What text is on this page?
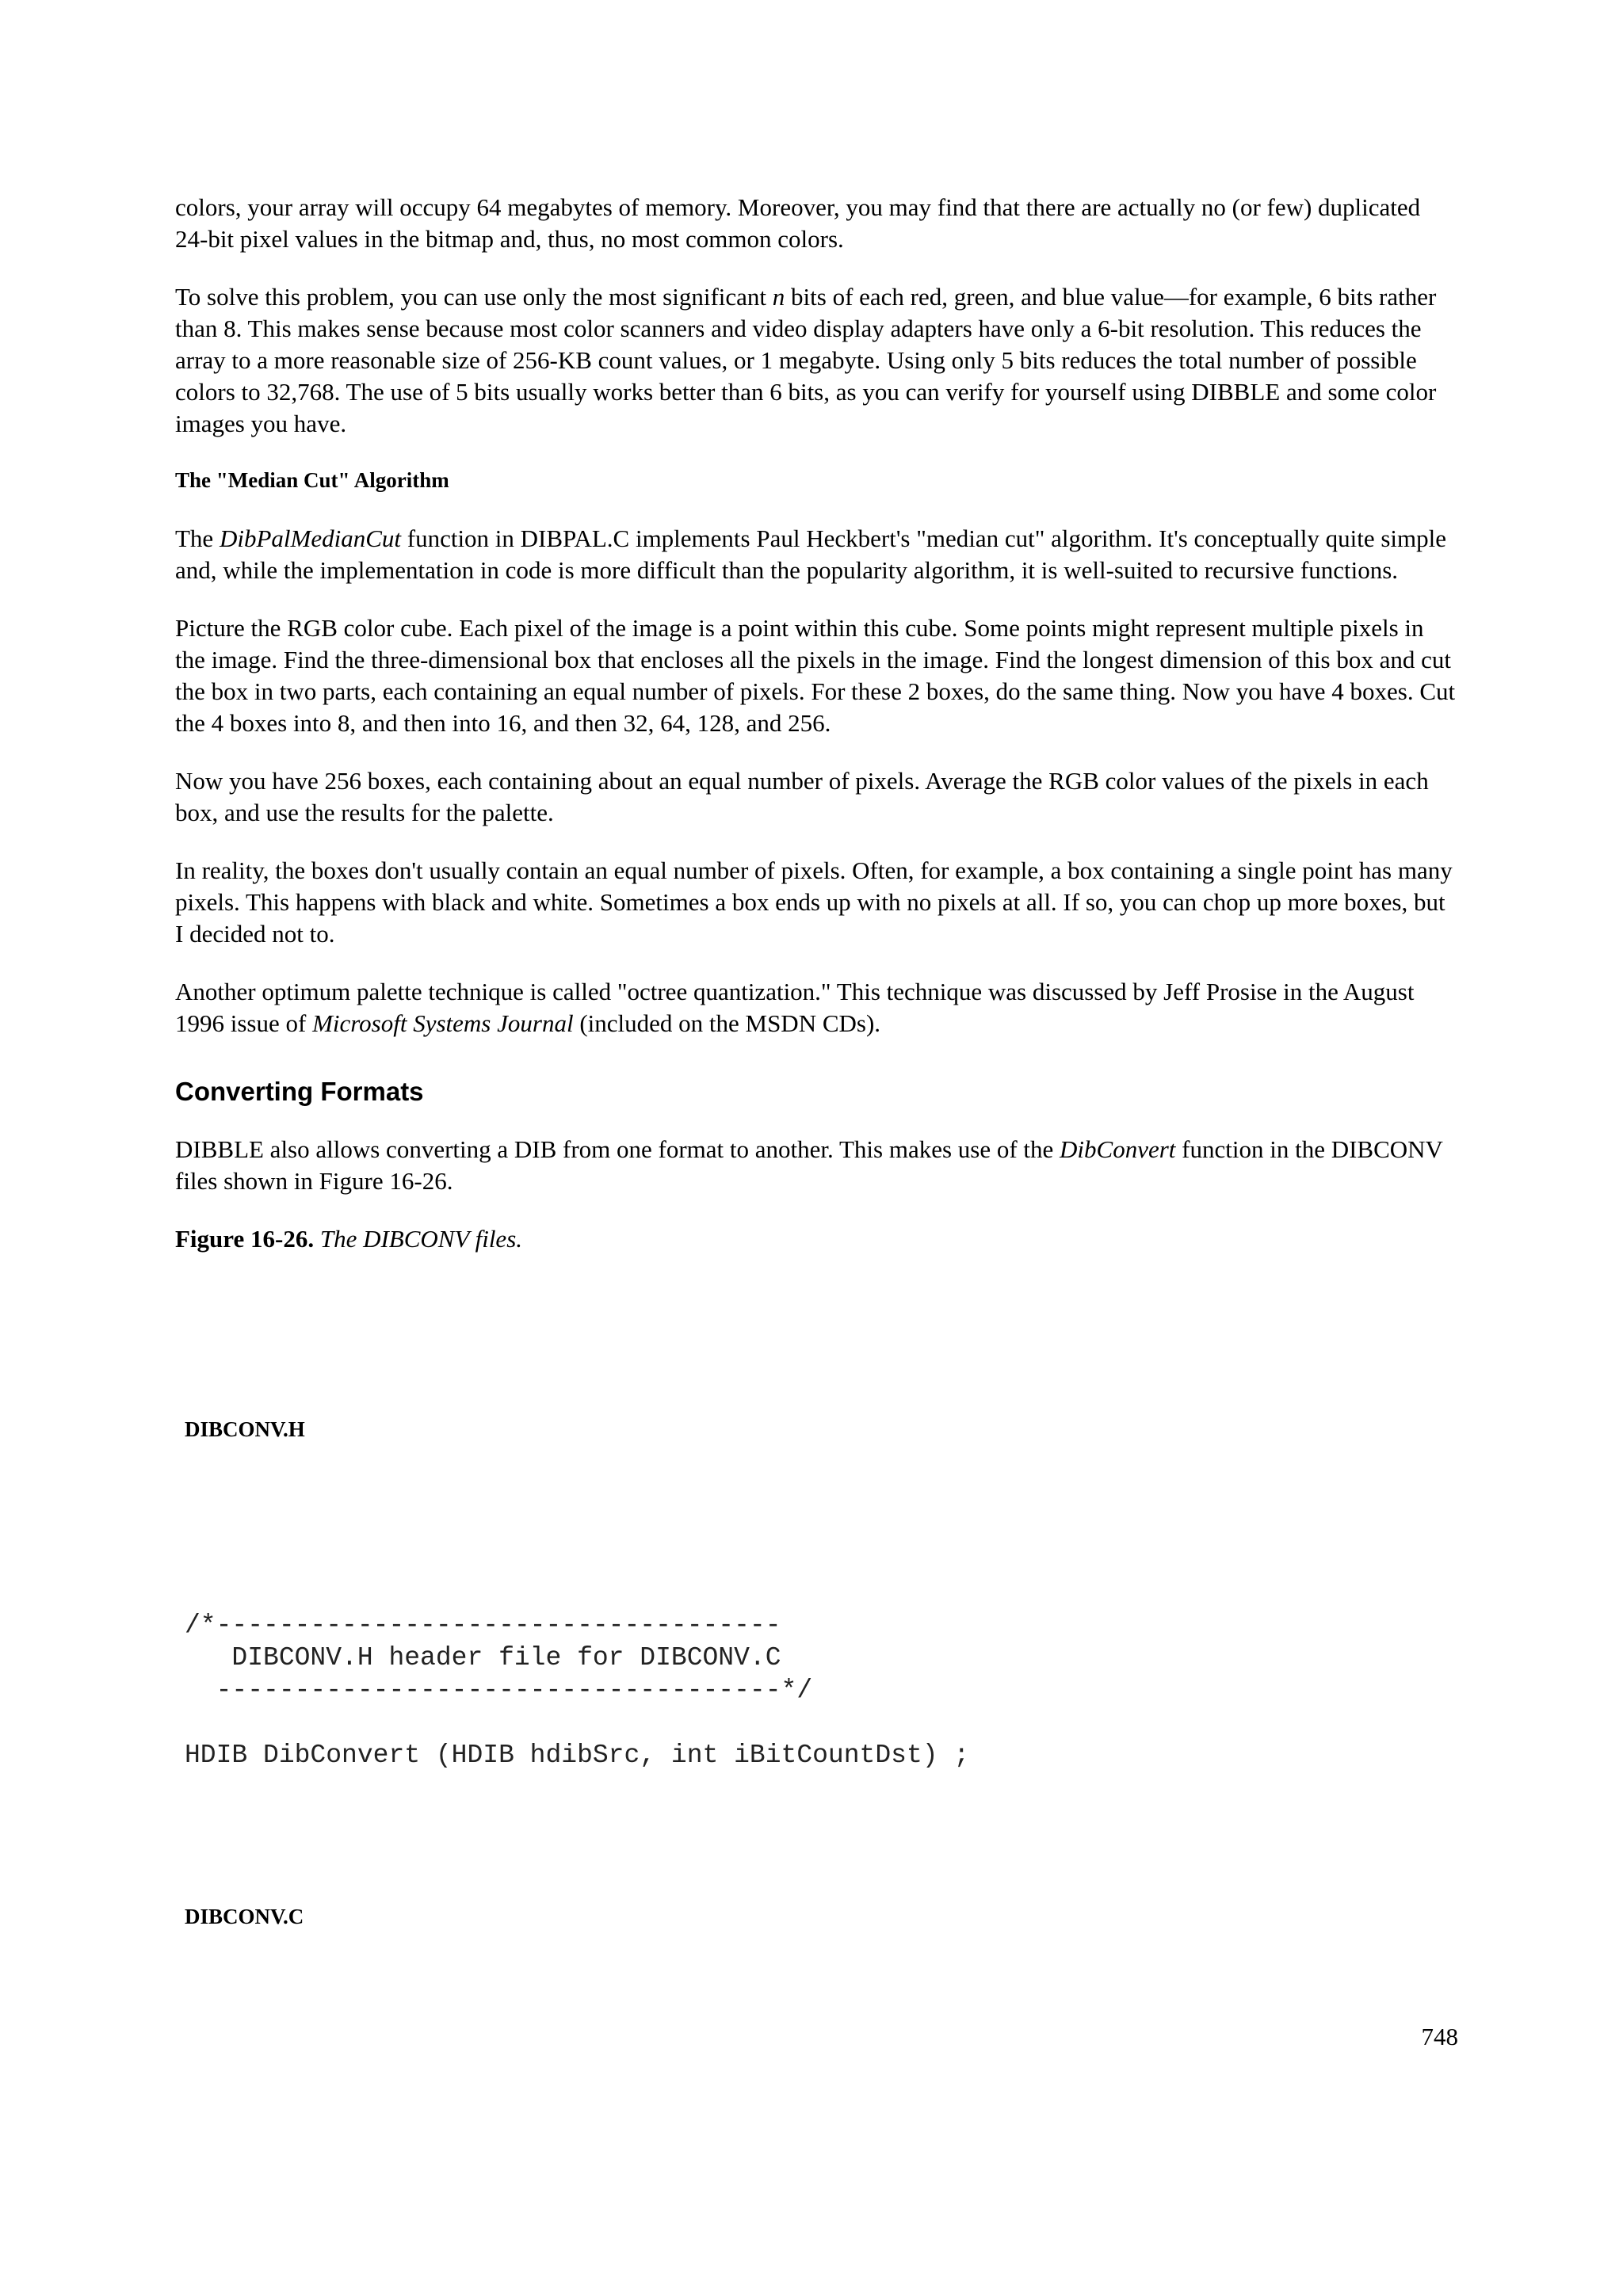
colors, your array will occupy 64 megabytes of memory. Moreover, you may find that there are actually no (or few) duplicated 24-bit pixel values in the bitmap and, thus, no most common colors.

To solve this problem, you can use only the most significant n bits of each red, green, and blue value—for example, 6 bits rather than 8. This makes sense because most color scanners and video display adapters have only a 6-bit resolution. This reduces the array to a more reasonable size of 256-KB count values, or 1 megabyte. Using only 5 bits reduces the total number of possible colors to 32,768. The use of 5 bits usually works better than 6 bits, as you can verify for yourself using DIBBLE and some color images you have.

The "Median Cut" Algorithm

The DibPalMedianCut function in DIBPAL.C implements Paul Heckbert's "median cut" algorithm. It's conceptually quite simple and, while the implementation in code is more difficult than the popularity algorithm, it is well-suited to recursive functions.

Picture the RGB color cube. Each pixel of the image is a point within this cube. Some points might represent multiple pixels in the image. Find the three-dimensional box that encloses all the pixels in the image. Find the longest dimension of this box and cut the box in two parts, each containing an equal number of pixels. For these 2 boxes, do the same thing. Now you have 4 boxes. Cut the 4 boxes into 8, and then into 16, and then 32, 64, 128, and 256.

Now you have 256 boxes, each containing about an equal number of pixels. Average the RGB color values of the pixels in each box, and use the results for the palette.

In reality, the boxes don't usually contain an equal number of pixels. Often, for example, a box containing a single point has many pixels. This happens with black and white. Sometimes a box ends up with no pixels at all. If so, you can chop up more boxes, but I decided not to.

Another optimum palette technique is called "octree quantization." This technique was discussed by Jeff Prosise in the August 1996 issue of Microsoft Systems Journal (included on the MSDN CDs).

Converting Formats

DIBBLE also allows converting a DIB from one format to another. This makes use of the DibConvert function in the DIBCONV files shown in Figure 16-26.

Figure 16-26. The DIBCONV files.

DIBCONV.H
/*------------------------------------
DIBCONV.H header file for DIBCONV.C
------------------------------------*/

HDIB DibConvert (HDIB hdibSrc, int iBitCountDst) ;
DIBCONV.C
748
